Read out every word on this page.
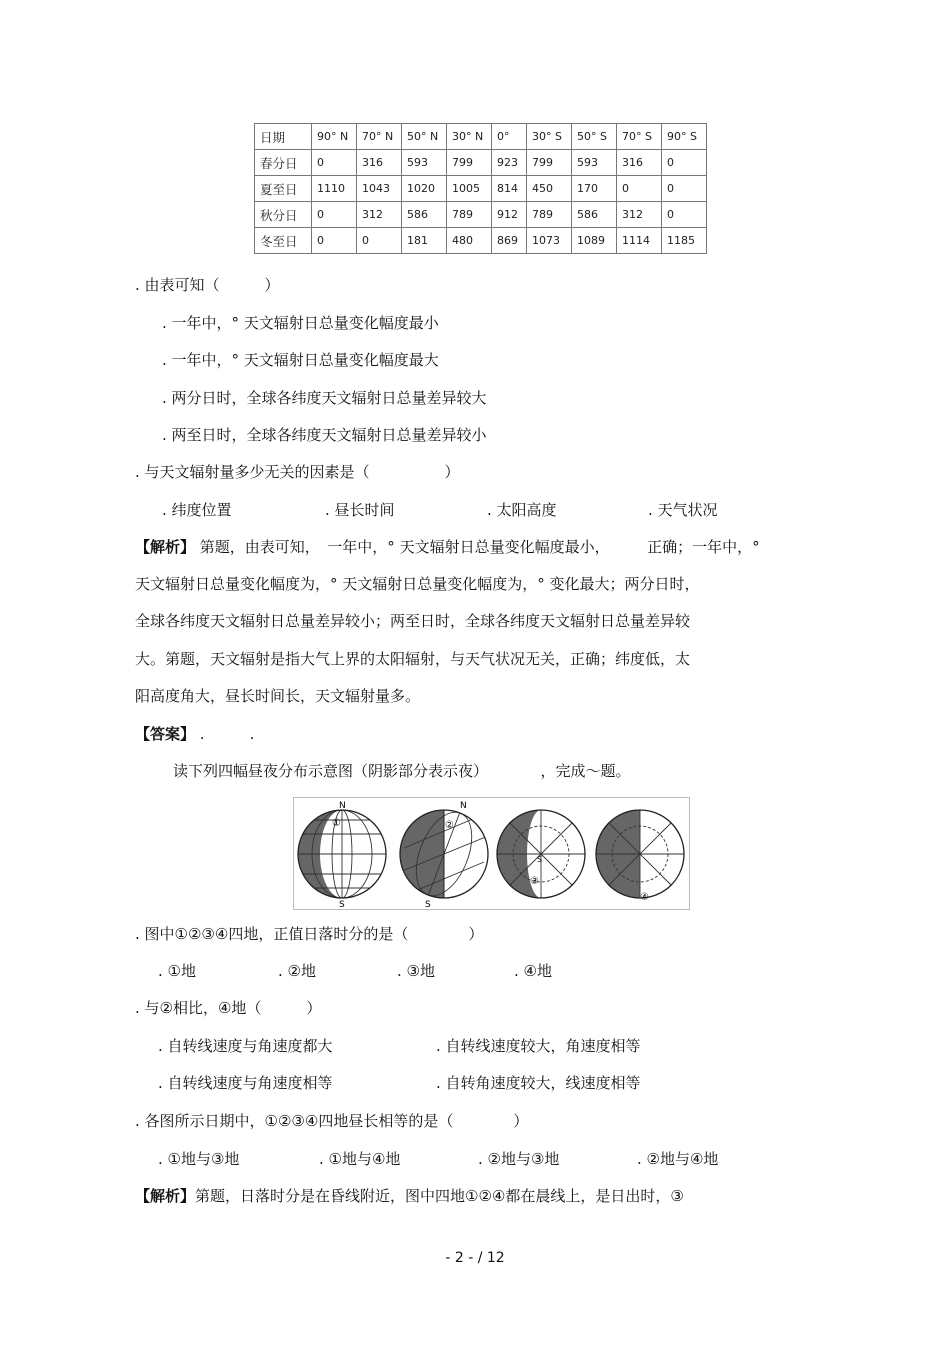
日期	90° N	70° N	50° N	30° N	0°	30° S	50° S	70° S	90° S
春分日	0	316	593	799	923	799	593	316	0
夏至日	1110	1043	1020	1005	814	450	170	0	0
秋分日	0	312	586	789	912	789	586	312	0
冬至日	0	0	181	480	869	1073	1089	1114	1185
. 由表可知（　　　）
. 一年中，° 天文辐射日总量变化幅度最小
. 一年中，° 天文辐射日总量变化幅度最大
. 两分日时，全球各纬度天文辐射日总量差异较大
. 两至日时，全球各纬度天文辐射日总量差异较小
. 与天文辐射量多少无关的因素是（　　　　　）
. 纬度位置	. 昼长时间	. 太阳高度	. 天气状况
【解析】 第题，由表可知，　一年中，° 天文辐射日总量变化幅度最小，　　　正确；一年中，°
天文辐射日总量变化幅度为，° 天文辐射日总量变化幅度为，° 变化最大；两分日时，
全球各纬度天文辐射日总量差异较小；两至日时，全球各纬度天文辐射日总量差异较
大。第题，天文辐射是指大气上界的太阳辐射，与天气状况无关，正确；纬度低，太
阳高度角大，昼长时间长，天文辐射量多。
【答案】 .　　　.
读下列四幅昼夜分布示意图（阴影部分表示夜）　　　　，完成～题。
N
S
①
N
S
②
S
③
④
. 图中①②③④四地，正值日落时分的是（　　　　）
. ①地	. ②地	. ③地	. ④地
. 与②相比，④地（　　　）
. 自转线速度与角速度都大	. 自转线速度较大，角速度相等
. 自转线速度与角速度相等	. 自转角速度较大，线速度相等
. 各图所示日期中，①②③④四地昼长相等的是（　　　　）
. ①地与③地	. ①地与④地	. ②地与③地	. ②地与④地
【解析】第题，日落时分是在昏线附近，图中四地①②④都在晨线上，是日出时，③
- 2 - / 12
